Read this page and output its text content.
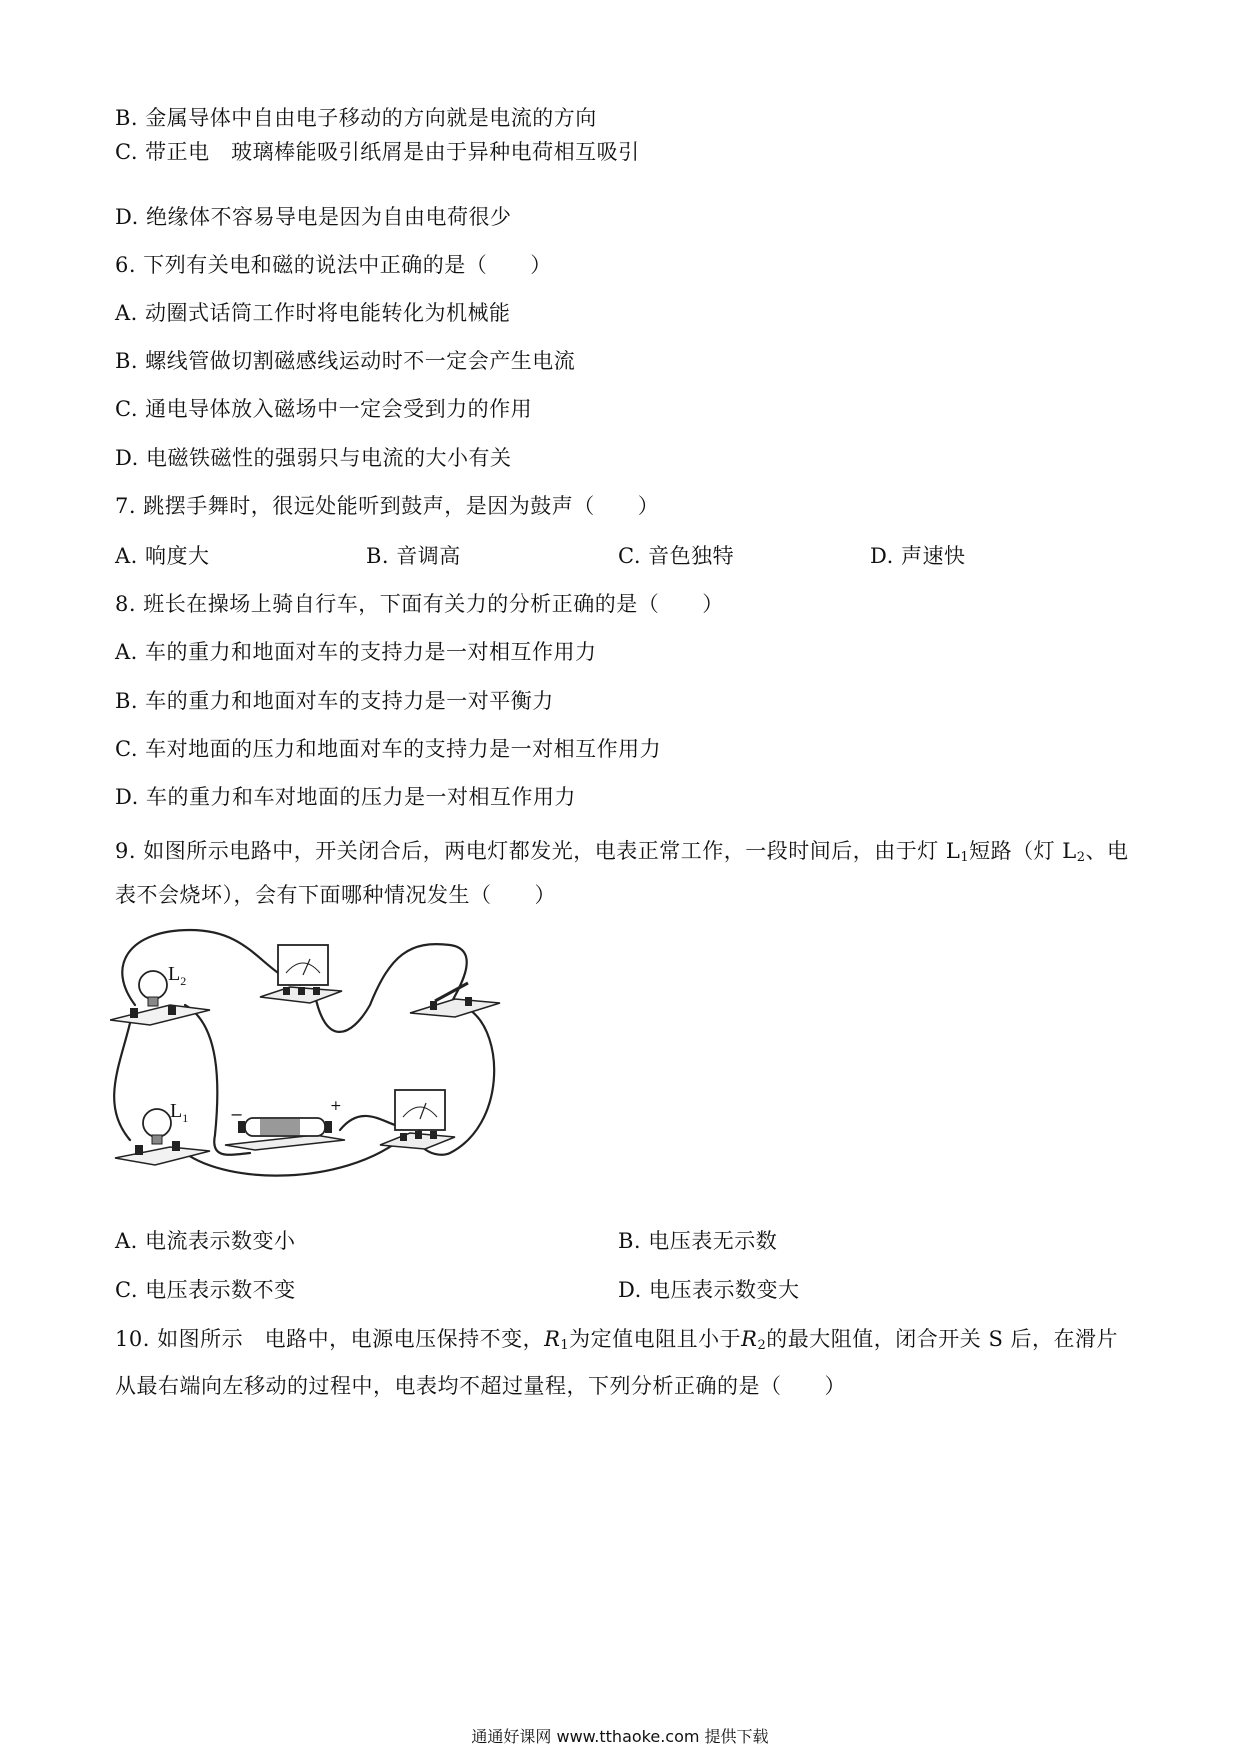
B. 金属导体中自由电子移动的方向就是电流的方向
C. 带正电　玻璃棒能吸引纸屑是由于异种电荷相互吸引
D. 绝缘体不容易导电是因为自由电荷很少
6. 下列有关电和磁的说法中正确的是（　　）
A. 动圈式话筒工作时将电能转化为机械能
B. 螺线管做切割磁感线运动时不一定会产生电流
C. 通电导体放入磁场中一定会受到力的作用
D. 电磁铁磁性的强弱只与电流的大小有关
7. 跳摆手舞时，很远处能听到鼓声，是因为鼓声（　　）
A. 响度大	B. 音调高	C. 音色独特	D. 声速快
8. 班长在操场上骑自行车，下面有关力的分析正确的是（　　）
A. 车的重力和地面对车的支持力是一对相互作用力
B. 车的重力和地面对车的支持力是一对平衡力
C. 车对地面的压力和地面对车的支持力是一对相互作用力
D. 车的重力和车对地面的压力是一对相互作用力
9. 如图所示电路中，开关闭合后，两电灯都发光，电表正常工作，一段时间后，由于灯 $L_1$短路（灯 $L_2$、电
表不会烧坏），会有下面哪种情况发生（　　）
$L_2$
$L_1$	−	+
A. 电流表示数变小	B. 电压表无示数
C. 电压表示数不变	D. 电压表示数变大
10. 如图所示　电路中，电源电压保持不变，$R_1$为定值电阻且小于$R_2$的最大阻值，闭合开关 S 后，在滑片
从最右端向左移动的过程中，电表均不超过量程，下列分析正确的是（　　）
通通好课网 www.tthaoke.com 提供下载
